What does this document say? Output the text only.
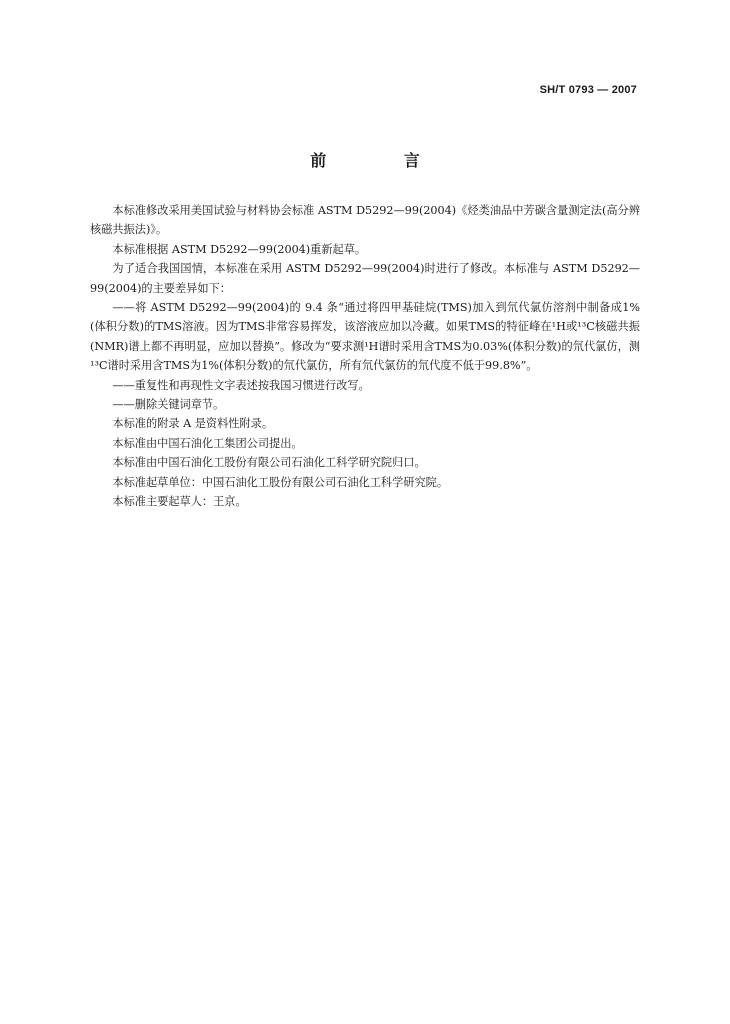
SH/T 0793 — 2007
前 言

本标准修改采用美国试验与材料协会标准 ASTM D5292—99(2004)《烃类油品中芳碳含量测定法(高分辨核磁共振法)》。

本标准根据 ASTM D5292—99(2004)重新起草。

为了适合我国国情，本标准在采用 ASTM D5292—99(2004)时进行了修改。本标准与 ASTM D5292—99(2004)的主要差异如下：

——将 ASTM D5292—99(2004)的 9.4 条“通过将四甲基硅烷(TMS)加入到氘代氯仿溶剂中制备成1%(体积分数)的TMS溶液。因为TMS非常容易挥发，该溶液应加以冷藏。如果TMS的特征峰在¹H或¹³C核磁共振(NMR)谱上都不再明显，应加以替换”。修改为“要求测¹H谱时采用含TMS为0.03%(体积分数)的氘代氯仿，测¹³C谱时采用含TMS为1%(体积分数)的氘代氯仿，所有氘代氯仿的氘代度不低于99.8%”。

——重复性和再现性文字表述按我国习惯进行改写。

——删除关键词章节。

本标准的附录 A 是资料性附录。

本标准由中国石油化工集团公司提出。

本标准由中国石油化工股份有限公司石油化工科学研究院归口。

本标准起草单位：中国石油化工股份有限公司石油化工科学研究院。

本标准主要起草人：王京。
